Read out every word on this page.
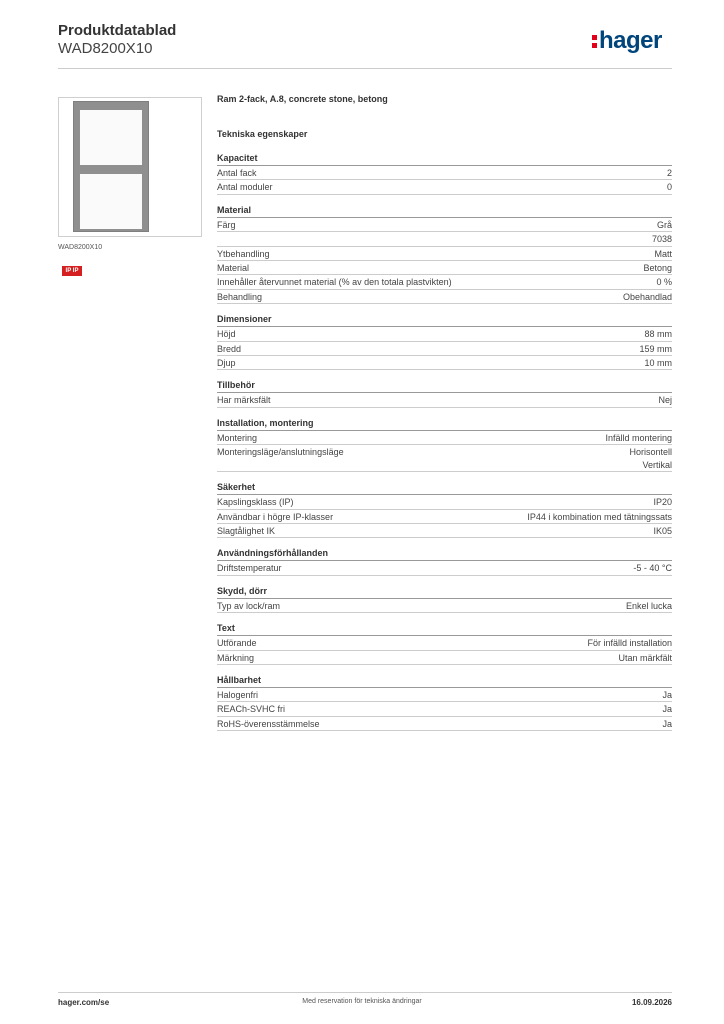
Produktdatablad
WAD8200X10	hager
WAD8200X10
IP IP
Ram 2-fack, A.8, concrete stone, betong
Tekniska egenskaper
Kapacitet
Antal fack	2
Antal moduler	0
Material
Färg	Grå
7038
Ytbehandling	Matt
Material	Betong
Innehåller återvunnet material (% av den totala plastvikten)	0 %
Behandling	Obehandlad
Dimensioner
Höjd	88 mm
Bredd	159 mm
Djup	10 mm
Tillbehör
Har märksfält	Nej
Installation, montering
Montering	Infälld montering
Monteringsläge/anslutningsläge	Horisontell
Vertikal
Säkerhet
Kapslingsklass (IP)	IP20
Användbar i högre IP-klasser	IP44 i kombination med tätningssats
Slagtålighet IK	IK05
Användningsförhållanden
Driftstemperatur	-5 - 40 °C
Skydd, dörr
Typ av lock/ram	Enkel lucka
Text
Utförande	För infälld installation
Märkning	Utan märkfält
Hållbarhet
Halogenfri	Ja
REACh-SVHC fri	Ja
RoHS-överensstämmelse	Ja
hager.com/se	Med reservation för tekniska ändringar	16.09.2026
